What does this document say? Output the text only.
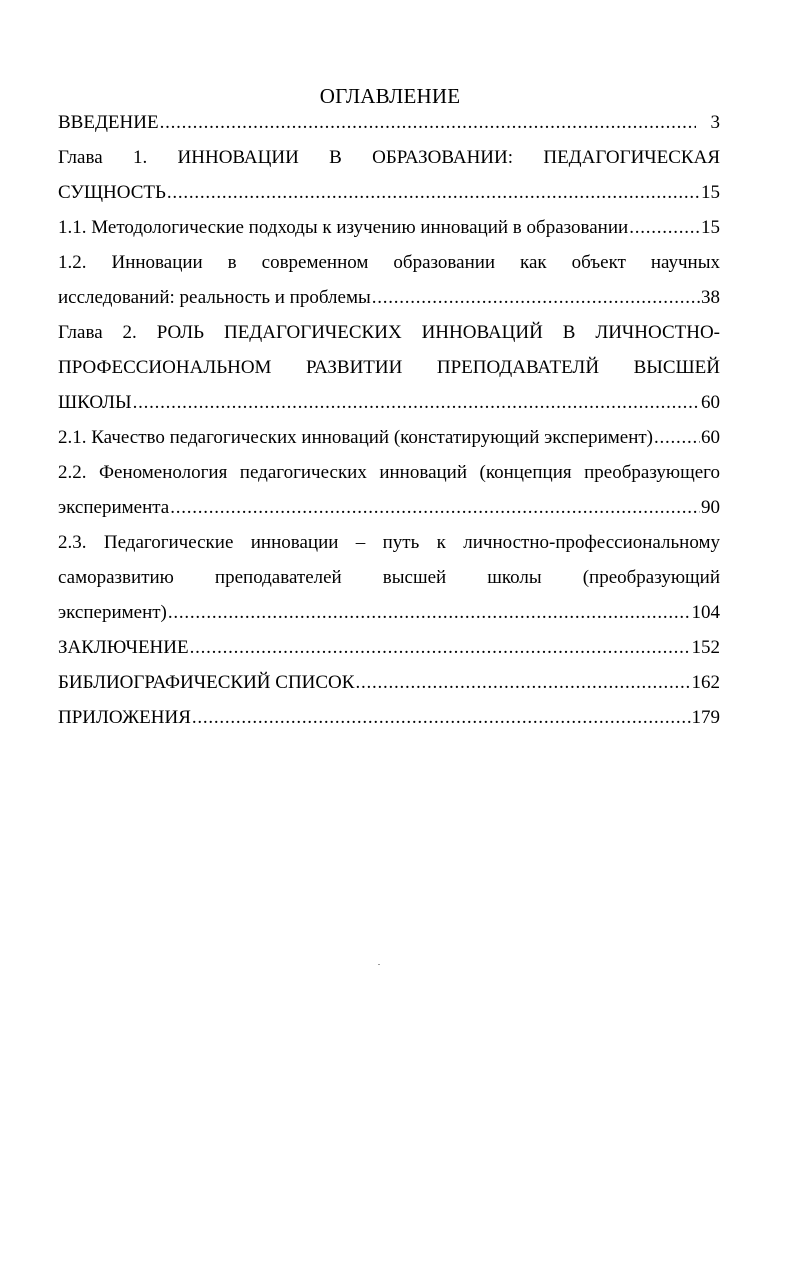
ОГЛАВЛЕНИЕ
ВВЕДЕНИЕ . . .	3
Глава 1. ИННОВАЦИИ В ОБРАЗОВАНИИ: ПЕДАГОГИЧЕСКАЯ
СУЩНОСТЬ . . .	15
1.1. Методологические подходы к изучению инноваций в образовании . . .	15
1.2. Инновации в современном образовании как объект научных
исследований: реальность и проблемы . . .	38
Глава 2. РОЛЬ ПЕДАГОГИЧЕСКИХ ИННОВАЦИЙ В ЛИЧНОСТНО-
ПРОФЕССИОНАЛЬНОМ РАЗВИТИИ ПРЕПОДАВАТЕЛЙ ВЫСШЕЙ
ШКОЛЫ . . .	60
2.1. Качество педагогических инноваций (констатирующий эксперимент) . . .	60
2.2. Феноменология педагогических инноваций (концепция преобразующего
эксперимента . . .	90
2.3. Педагогические инновации – путь к личностно-профессиональному
саморазвитию преподавателей высшей школы (преобразующий
эксперимент) . . .	104
ЗАКЛЮЧЕНИЕ . . .	152
БИБЛИОГРАФИЧЕСКИЙ СПИСОК . . .	162
ПРИЛОЖЕНИЯ . . .	179
